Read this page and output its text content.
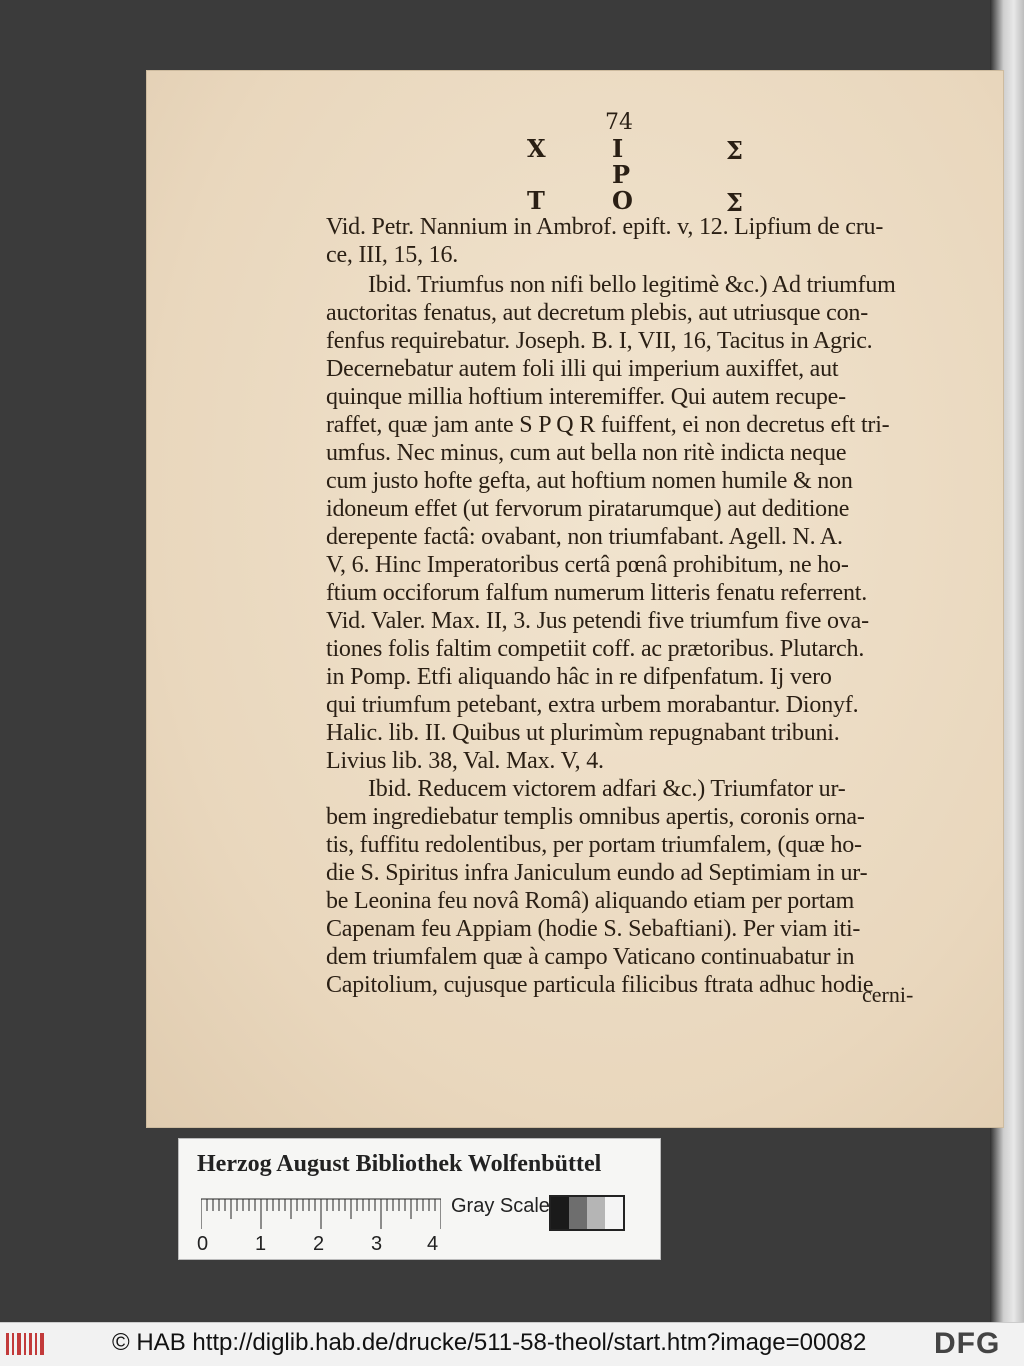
74
X	I	Σ
P
T	O	Σ
Vid. Petr. Nannium in Ambrof. epift. v, 12. Lipfium de cru-
ce, III, 15, 16.
Ibid. Triumfus non nifi bello legitimè &c.) Ad triumfum
auctoritas fenatus, aut decretum plebis, aut utriusque con-
fenfus requirebatur. Joseph. B. I, VII, 16, Tacitus in Agric.
Decernebatur autem foli illi qui imperium auxiffet, aut
quinque millia hoftium interemiffer. Qui autem recupe-
raffet, quæ jam ante S P Q R fuiffent, ei non decretus eft tri-
umfus. Nec minus, cum aut bella non ritè indicta neque
cum justo hofte gefta, aut hoftium nomen humile & non
idoneum effet (ut fervorum piratarumque) aut deditione
derepente factâ: ovabant, non triumfabant. Agell. N. A.
V, 6. Hinc Imperatoribus certâ pœnâ prohibitum, ne ho-
ftium occiforum falfum numerum litteris fenatu referrent.
Vid. Valer. Max. II, 3. Jus petendi five triumfum five ova-
tiones folis faltim competiit coff. ac prætoribus. Plutarch.
in Pomp. Etfi aliquando hâc in re difpenfatum. Ij vero
qui triumfum petebant, extra urbem morabantur. Dionyf.
Halic. lib. II. Quibus ut plurimùm repugnabant tribuni.
Livius lib. 38, Val. Max. V, 4.
Ibid. Reducem victorem adfari &c.) Triumfator ur-
bem ingrediebatur templis omnibus apertis, coronis orna-
tis, fuffitu redolentibus, per portam triumfalem, (quæ ho-
die S. Spiritus infra Janiculum eundo ad Septimiam in ur-
be Leonina feu novâ Româ) aliquando etiam per portam
Capenam feu Appiam (hodie S. Sebaftiani). Per viam iti-
dem triumfalem quæ à campo Vaticano continuabatur in
Capitolium, cujusque particula filicibus ftrata adhuc hodie
cerni-
Herzog August Bibliothek Wolfenbüttel
0 1 2 3 4
Gray Scale
© HAB http://diglib.hab.de/drucke/511-58-theol/start.htm?image=00082 DFG
